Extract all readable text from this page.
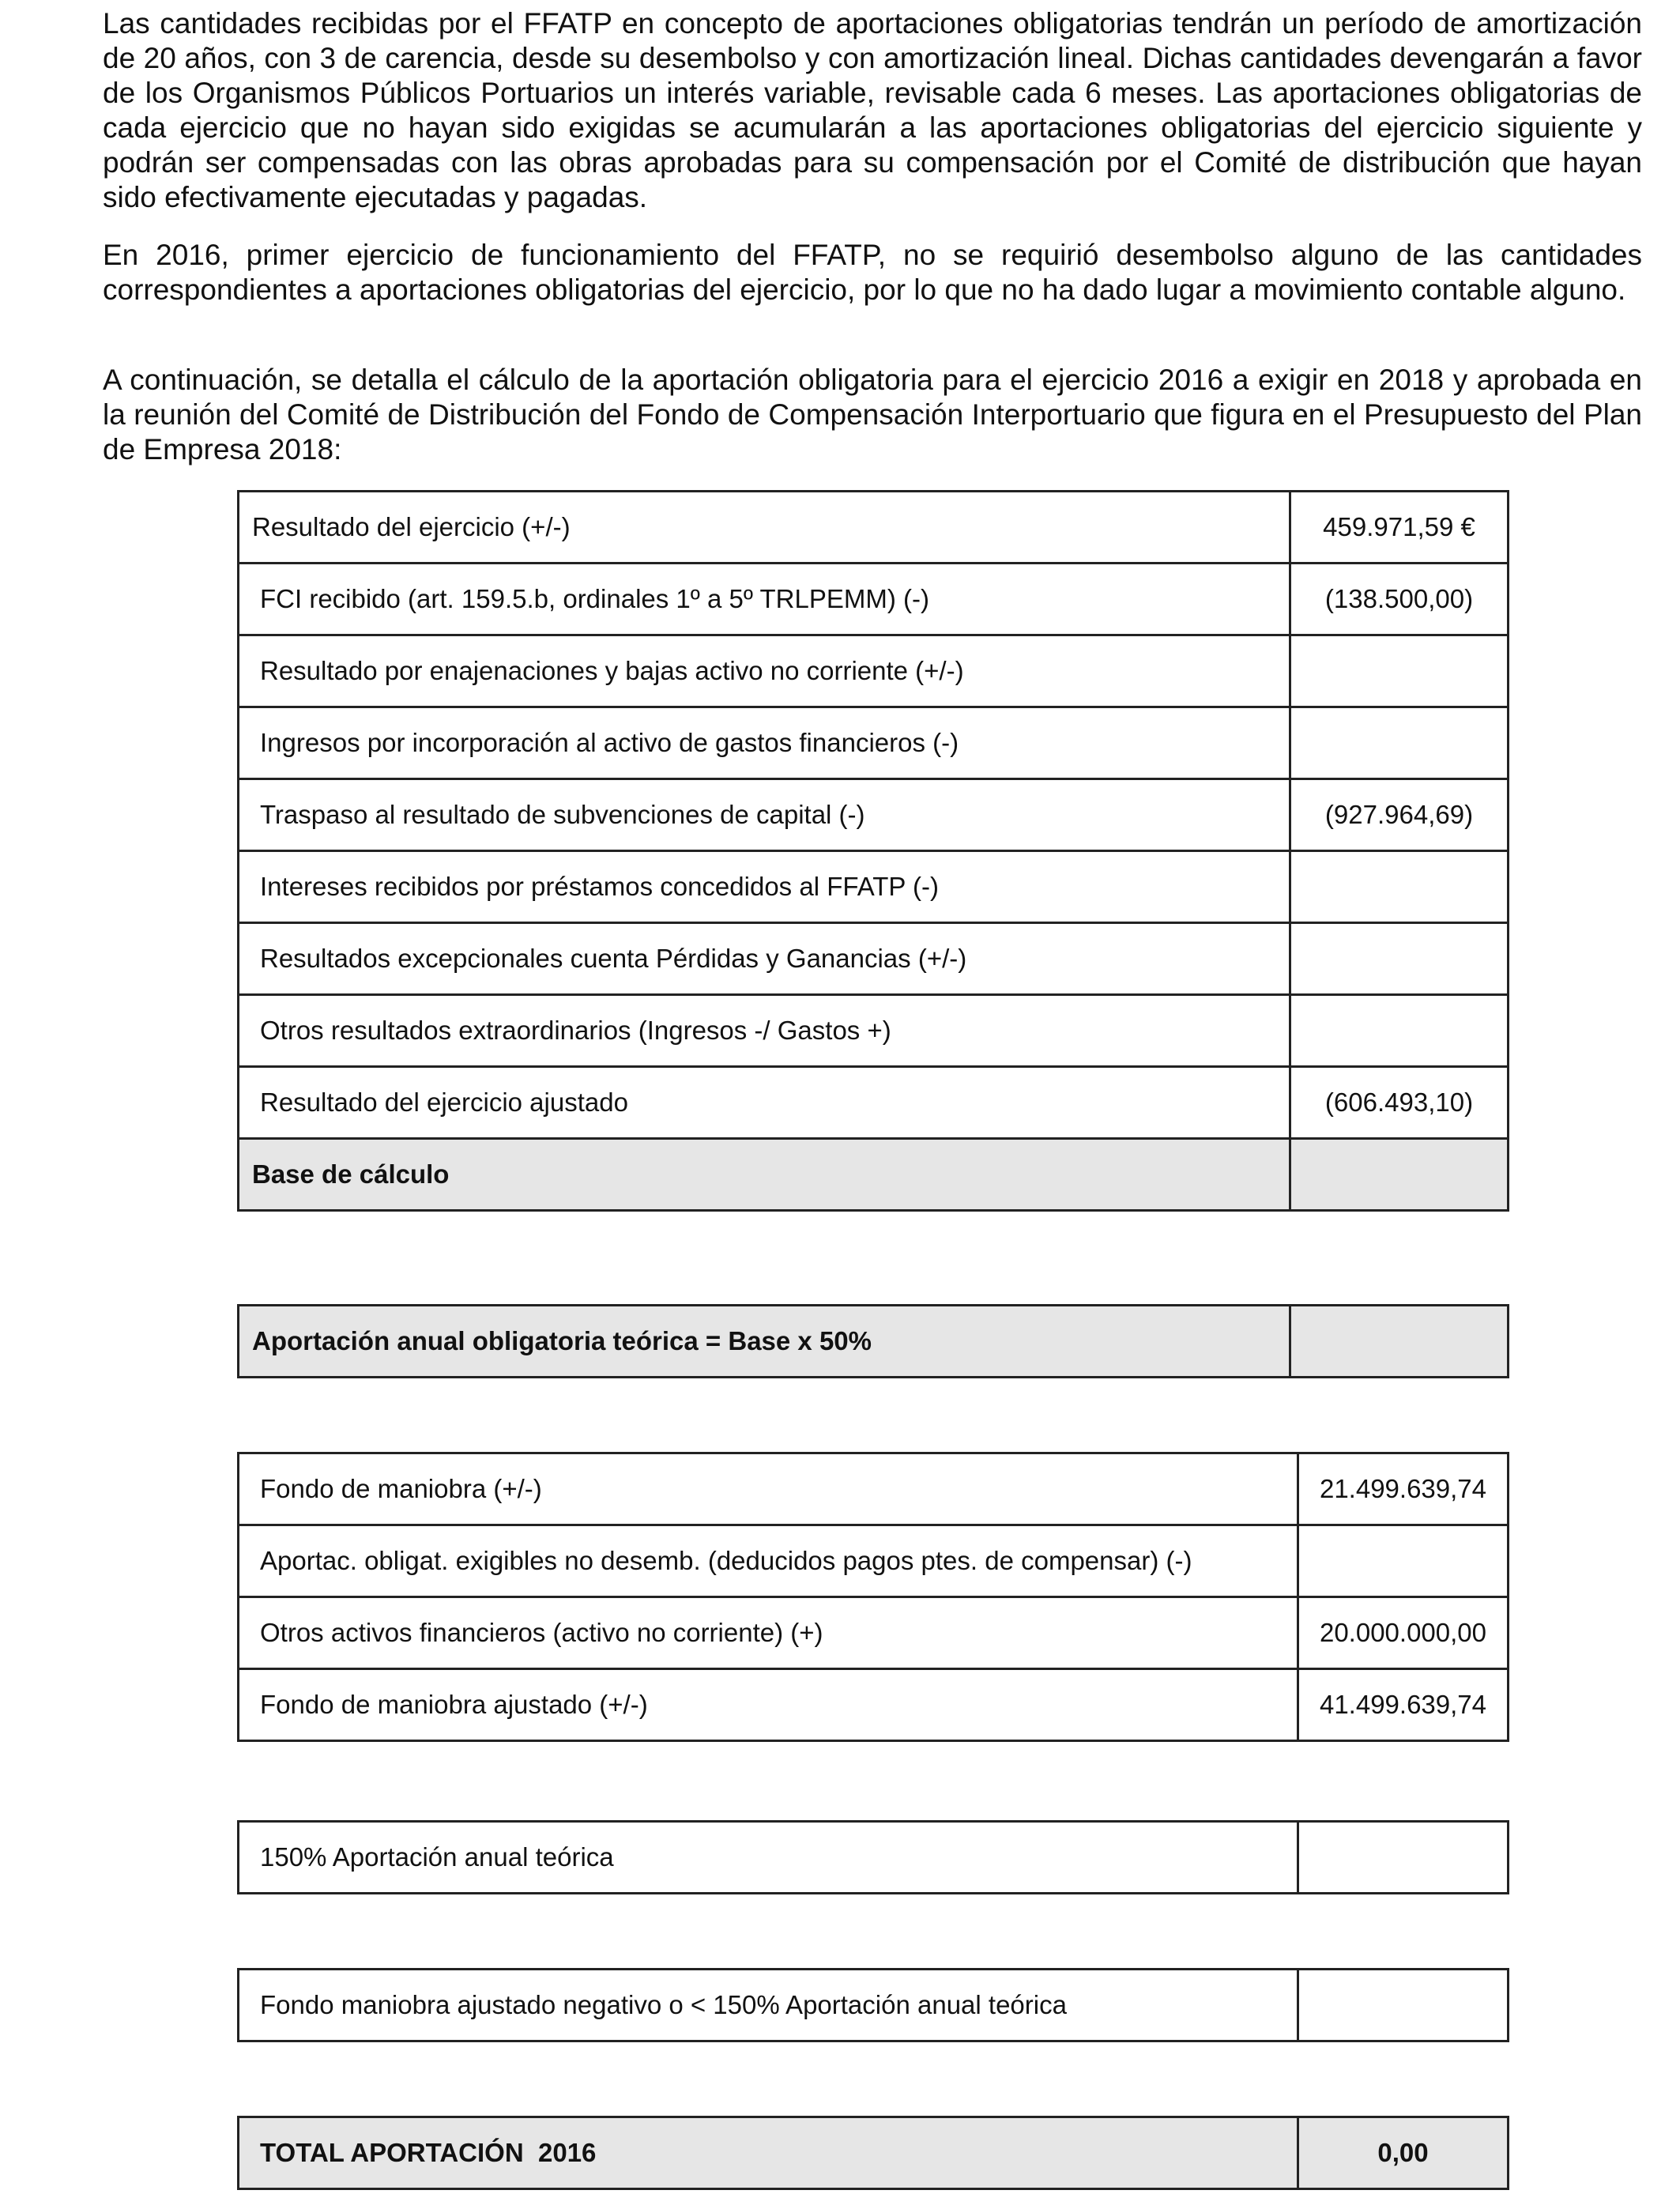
Las cantidades recibidas por el FFATP en concepto de aportaciones obligatorias tendrán un período de amortización de 20 años, con 3 de carencia, desde su desembolso y con amortización lineal. Dichas cantidades devengarán a favor de los Organismos Públicos Portuarios un interés variable, revisable cada 6 meses. Las aportaciones obligatorias de cada ejercicio que no hayan sido exigidas se acumularán a las aportaciones obligatorias del ejercicio siguiente y podrán ser compensadas con las obras aprobadas para su compensación por el Comité de distribución que hayan sido efectivamente ejecutadas y pagadas.

En 2016, primer ejercicio de funcionamiento del FFATP, no se requirió desembolso alguno de las cantidades correspondientes a aportaciones obligatorias del ejercicio, por lo que no ha dado lugar a movimiento contable alguno.

A continuación, se detalla el cálculo de la aportación obligatoria para el ejercicio 2016 a exigir en 2018 y aprobada en la reunión del Comité de Distribución del Fondo de Compensación Interportuario que figura en el Presupuesto del Plan de Empresa 2018:

Resultado del ejercicio (+/-)	459.971,59 €
FCI recibido (art. 159.5.b, ordinales 1º a 5º TRLPEMM) (-)	(138.500,00)
Resultado por enajenaciones y bajas activo no corriente (+/-)	
Ingresos por incorporación al activo de gastos financieros (-)	
Traspaso al resultado de subvenciones de capital (-)	(927.964,69)
Intereses recibidos por préstamos concedidos al FFATP (-)	
Resultados excepcionales cuenta Pérdidas y Ganancias (+/-)	
Otros resultados extraordinarios (Ingresos -/ Gastos +)	
Resultado del ejercicio ajustado	(606.493,10)
Base de cálculo	
Aportación anual obligatoria teórica = Base x 50%	
Fondo de maniobra (+/-)	21.499.639,74
Aportac. obligat. exigibles no desemb. (deducidos pagos ptes. de compensar) (-)	
Otros activos financieros (activo no corriente) (+)	20.000.000,00
Fondo de maniobra ajustado (+/-)	41.499.639,74
150% Aportación anual teórica	
Fondo maniobra ajustado negativo o < 150% Aportación anual teórica	
TOTAL APORTACIÓN  2016	0,00
